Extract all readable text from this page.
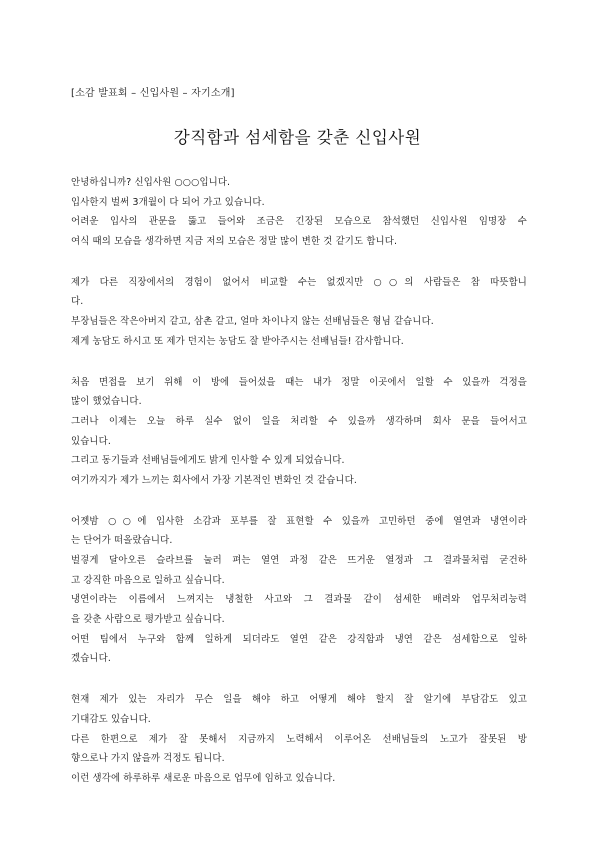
[소감 발표회 – 신입사원 – 자기소개]
강직함과 섬세함을 갖춘 신입사원
안녕하십니까? 신입사원 ○○○입니다.
입사한지 벌써 3개월이 다 되어 가고 있습니다.
어려운 입사의 관문을 뚫고 들어와 조금은 긴장된 모습으로 참석했던 신입사원 임명장 수
여식 때의 모습을 생각하면 지금 저의 모습은 정말 많이 변한 것 같기도 합니다.
제가 다른 직장에서의 경험이 없어서 비교할 수는 없겠지만 ○○의 사람들은 참 따뜻합니
다.
부장님들은 작은아버지 같고, 삼촌 같고, 얼마 차이나지 않는 선배님들은 형님 같습니다.
제게 농담도 하시고 또 제가 던지는 농담도 잘 받아주시는 선배님들! 감사합니다.
처음 면접을 보기 위해 이 방에 들어섰을 때는 내가 정말 이곳에서 일할 수 있을까 걱정을
많이 했었습니다.
그러나 이제는 오늘 하루 실수 없이 일을 처리할 수 있을까 생각하며 회사 문을 들어서고
있습니다.
그리고 동기들과 선배님들에게도 밝게 인사할 수 있게 되었습니다.
여기까지가 제가 느끼는 회사에서 가장 기본적인 변화인 것 같습니다.
어젯밤 ○○에 입사한 소감과 포부를 잘 표현할 수 있을까 고민하던 중에 열연과 냉연이라
는 단어가 떠올랐습니다.
벌겋게 달아오른 슬라브를 눌러 펴는 열연 과정 같은 뜨거운 열정과 그 결과물처럼 굳건하
고 강직한 마음으로 일하고 싶습니다.
냉연이라는 이름에서 느껴지는 냉철한 사고와 그 결과물 같이 섬세한 배려와 업무처리능력
을 갖춘 사람으로 평가받고 싶습니다.
어떤 팀에서 누구와 함께 일하게 되더라도 열연 같은 강직함과 냉연 같은 섬세함으로 일하
겠습니다.
현재 제가 있는 자리가 무슨 일을 해야 하고 어떻게 해야 할지 잘 알기에 부담감도 있고
기대감도 있습니다.
다른 한편으로 제가 잘 못해서 지금까지 노력해서 이루어온 선배님들의 노고가 잘못된 방
향으로나 가지 않을까 걱정도 됩니다.
이런 생각에 하루하루 새로운 마음으로 업무에 임하고 있습니다.
